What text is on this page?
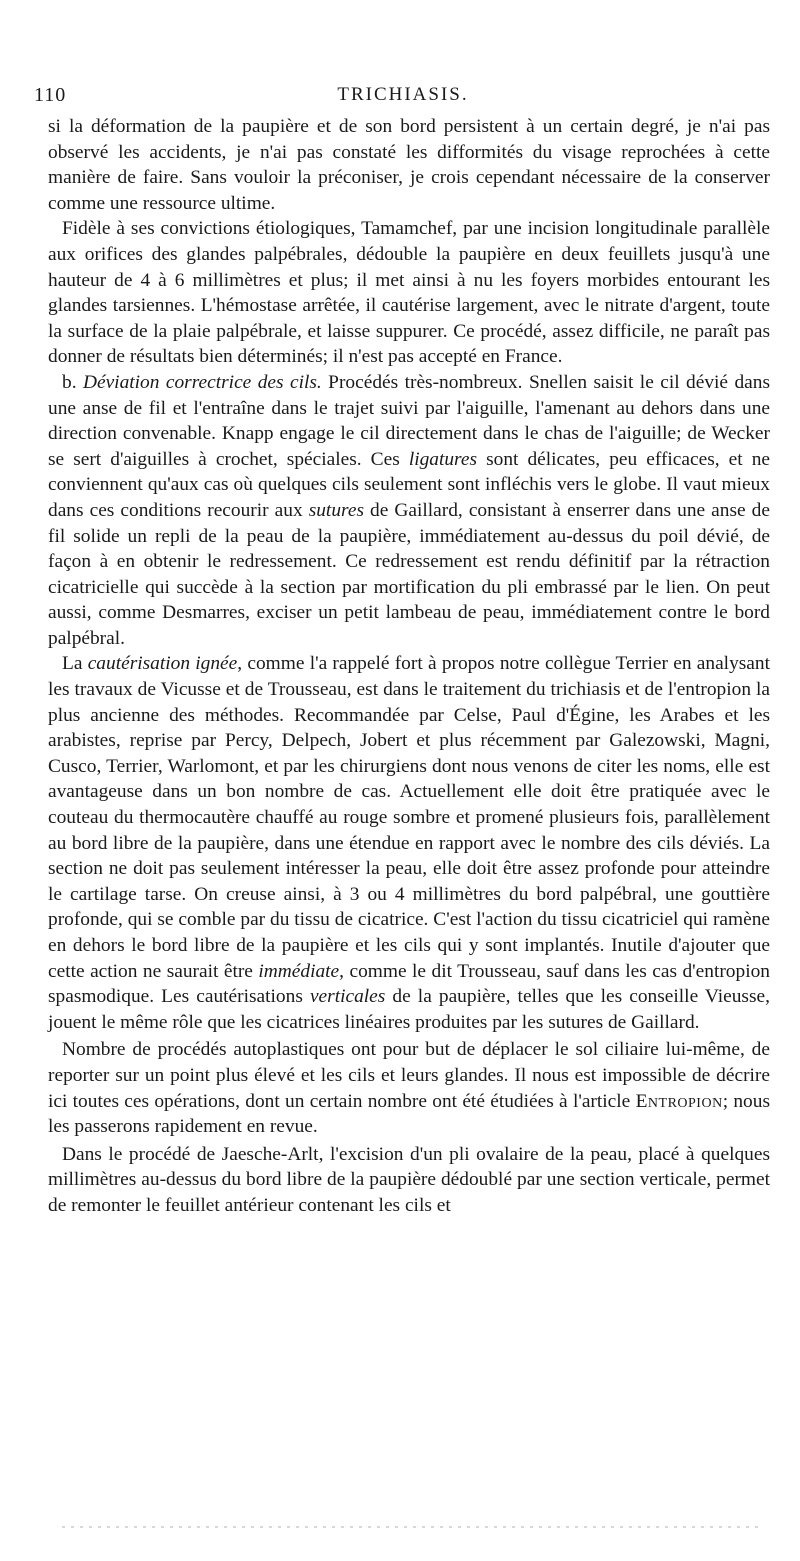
110	TRICHIASIS.

si la déformation de la paupière et de son bord persistent à un certain degré, je n'ai pas observé les accidents, je n'ai pas constaté les difformités du visage reprochées à cette manière de faire. Sans vouloir la préconiser, je crois cependant nécessaire de la conserver comme une ressource ultime.

Fidèle à ses convictions étiologiques, Tamamchef, par une incision longitudinale parallèle aux orifices des glandes palpébrales, dédouble la paupière en deux feuillets jusqu'à une hauteur de 4 à 6 millimètres et plus; il met ainsi à nu les foyers morbides entourant les glandes tarsiennes. L'hémostase arrêtée, il cautérise largement, avec le nitrate d'argent, toute la surface de la plaie palpébrale, et laisse suppurer. Ce procédé, assez difficile, ne paraît pas donner de résultats bien déterminés; il n'est pas accepté en France.

b. Déviation correctrice des cils. Procédés très-nombreux. Snellen saisit le cil dévié dans une anse de fil et l'entraîne dans le trajet suivi par l'aiguille, l'amenant au dehors dans une direction convenable. Knapp engage le cil directement dans le chas de l'aiguille; de Wecker se sert d'aiguilles à crochet, spéciales. Ces ligatures sont délicates, peu efficaces, et ne conviennent qu'aux cas où quelques cils seulement sont infléchis vers le globe. Il vaut mieux dans ces conditions recourir aux sutures de Gaillard, consistant à enserrer dans une anse de fil solide un repli de la peau de la paupière, immédiatement au-dessus du poil dévié, de façon à en obtenir le redressement. Ce redressement est rendu définitif par la rétraction cicatricielle qui succède à la section par mortification du pli embrassé par le lien. On peut aussi, comme Desmarres, exciser un petit lambeau de peau, immédiatement contre le bord palpébral.

La cautérisation ignée, comme l'a rappelé fort à propos notre collègue Terrier en analysant les travaux de Vicusse et de Trousseau, est dans le traitement du trichiasis et de l'entropion la plus ancienne des méthodes. Recommandée par Celse, Paul d'Égine, les Arabes et les arabistes, reprise par Percy, Delpech, Jobert et plus récemment par Galezowski, Magni, Cusco, Terrier, Warlomont, et par les chirurgiens dont nous venons de citer les noms, elle est avantageuse dans un bon nombre de cas. Actuellement elle doit être pratiquée avec le couteau du thermocautère chauffé au rouge sombre et promené plusieurs fois, parallèlement au bord libre de la paupière, dans une étendue en rapport avec le nombre des cils déviés. La section ne doit pas seulement intéresser la peau, elle doit être assez profonde pour atteindre le cartilage tarse. On creuse ainsi, à 3 ou 4 millimètres du bord palpébral, une gouttière profonde, qui se comble par du tissu de cicatrice. C'est l'action du tissu cicatriciel qui ramène en dehors le bord libre de la paupière et les cils qui y sont implantés. Inutile d'ajouter que cette action ne saurait être immédiate, comme le dit Trousseau, sauf dans les cas d'entropion spasmodique. Les cautérisations verticales de la paupière, telles que les conseille Vieusse, jouent le même rôle que les cicatrices linéaires produites par les sutures de Gaillard.

Nombre de procédés autoplastiques ont pour but de déplacer le sol ciliaire lui-même, de reporter sur un point plus élevé et les cils et leurs glandes. Il nous est impossible de décrire ici toutes ces opérations, dont un certain nombre ont été étudiées à l'article Entropion; nous les passerons rapidement en revue.

Dans le procédé de Jaesche-Arlt, l'excision d'un pli ovalaire de la peau, placé à quelques millimètres au-dessus du bord libre de la paupière dédoublé par une section verticale, permet de remonter le feuillet antérieur contenant les cils et
